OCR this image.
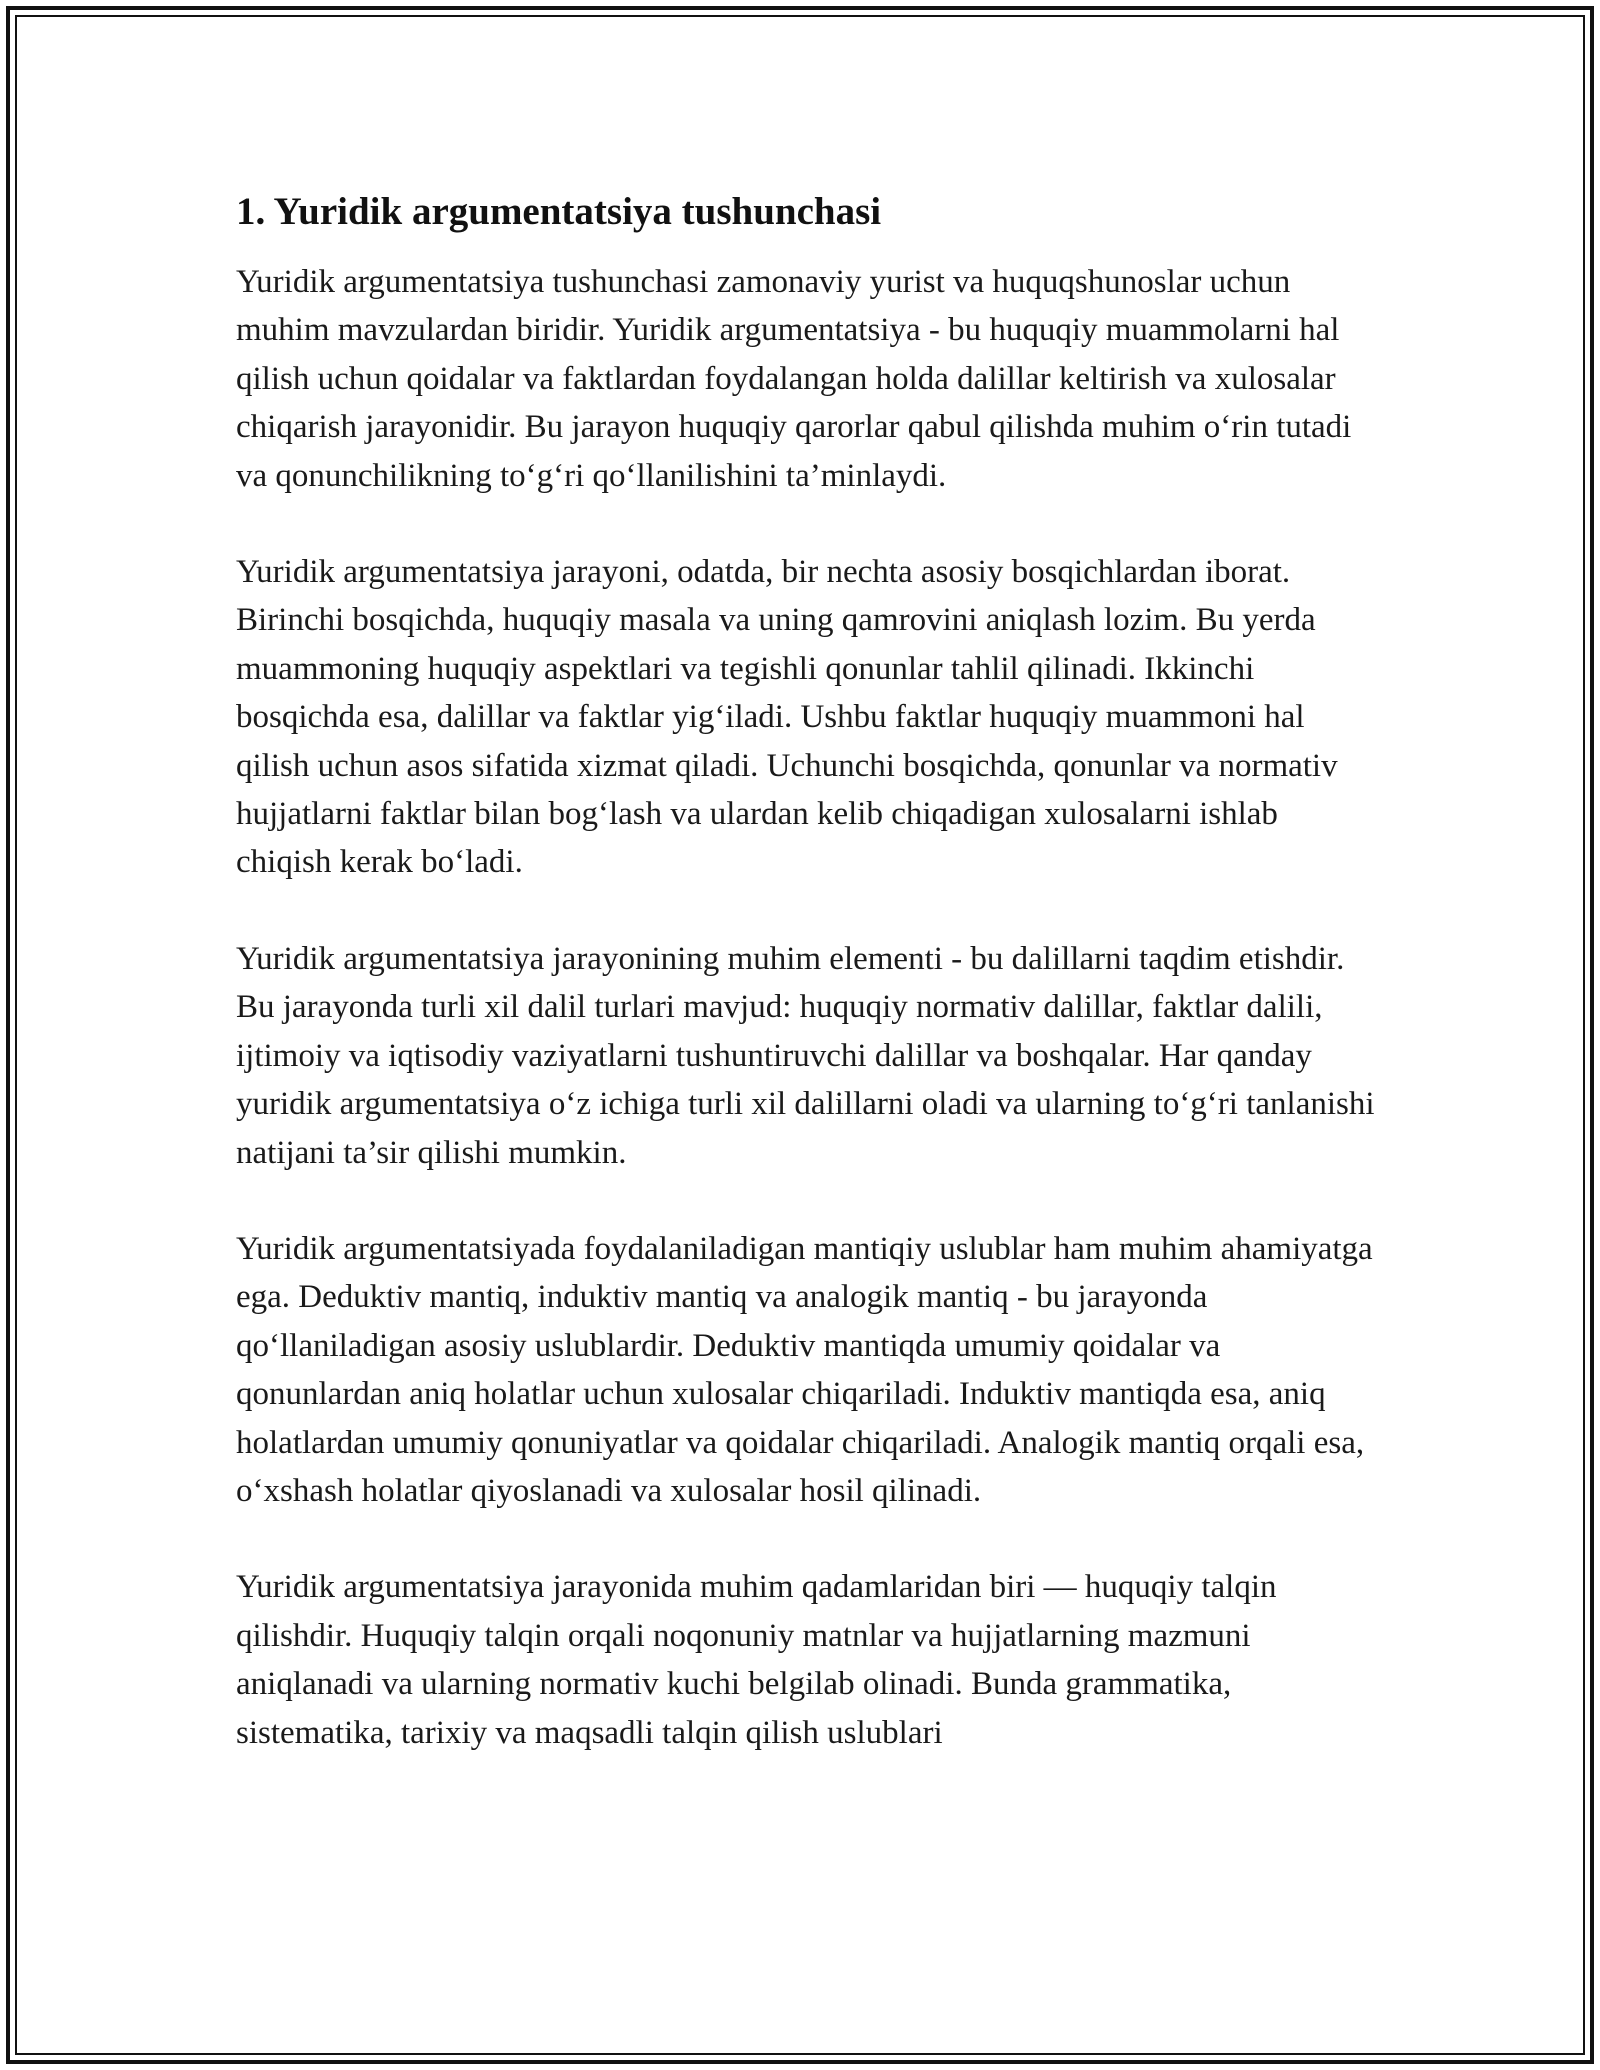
1. Yuridik argumentatsiya tushunchasi

Yuridik argumentatsiya tushunchasi zamonaviy yurist va huquqshunoslar uchun muhim mavzulardan biridir. Yuridik argumentatsiya - bu huquqiy muammolarni hal qilish uchun qoidalar va faktlardan foydalangan holda dalillar keltirish va xulosalar chiqarish jarayonidir. Bu jarayon huquqiy qarorlar qabul qilishda muhim o‘rin tutadi va qonunchilikning to‘g‘ri qo‘llanilishini ta’minlaydi.

Yuridik argumentatsiya jarayoni, odatda, bir nechta asosiy bosqichlardan iborat. Birinchi bosqichda, huquqiy masala va uning qamrovini aniqlash lozim. Bu yerda muammoning huquqiy aspektlari va tegishli qonunlar tahlil qilinadi. Ikkinchi bosqichda esa, dalillar va faktlar yig‘iladi. Ushbu faktlar huquqiy muammoni hal qilish uchun asos sifatida xizmat qiladi. Uchunchi bosqichda, qonunlar va normativ hujjatlarni faktlar bilan bog‘lash va ulardan kelib chiqadigan xulosalarni ishlab chiqish kerak bo‘ladi.

Yuridik argumentatsiya jarayonining muhim elementi - bu dalillarni taqdim etishdir. Bu jarayonda turli xil dalil turlari mavjud: huquqiy normativ dalillar, faktlar dalili, ijtimoiy va iqtisodiy vaziyatlarni tushuntiruvchi dalillar va boshqalar. Har qanday yuridik argumentatsiya o‘z ichiga turli xil dalillarni oladi va ularning to‘g‘ri tanlanishi natijani ta’sir qilishi mumkin.

Yuridik argumentatsiyada foydalaniladigan mantiqiy uslublar ham muhim ahamiyatga ega. Deduktiv mantiq, induktiv mantiq va analogik mantiq - bu jarayonda qo‘llaniladigan asosiy uslublardir. Deduktiv mantiqda umumiy qoidalar va qonunlardan aniq holatlar uchun xulosalar chiqariladi. Induktiv mantiqda esa, aniq holatlardan umumiy qonuniyatlar va qoidalar chiqariladi. Analogik mantiq orqali esa, o‘xshash holatlar qiyoslanadi va xulosalar hosil qilinadi.

Yuridik argumentatsiya jarayonida muhim qadamlaridan biri — huquqiy talqin qilishdir. Huquqiy talqin orqali noqonuniy matnlar va hujjatlarning mazmuni aniqlanadi va ularning normativ kuchi belgilab olinadi. Bunda grammatika, sistematika, tarixiy va maqsadli talqin qilish uslublari
